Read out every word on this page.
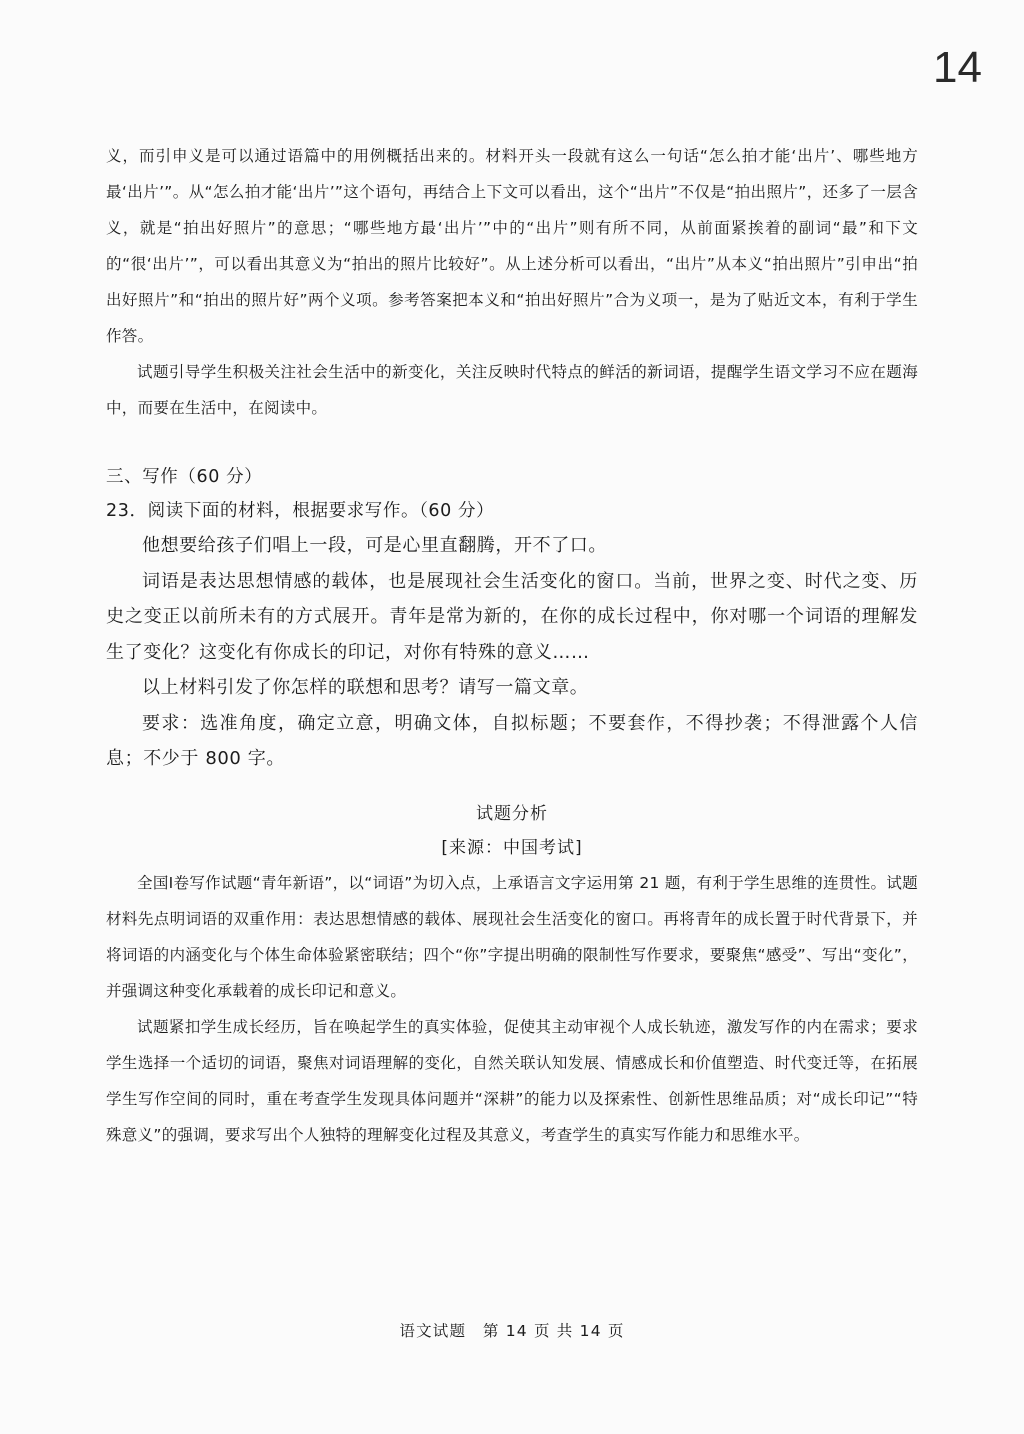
14

义，而引申义是可以通过语篇中的用例概括出来的。材料开头一段就有这么一句话“怎么拍才能‘出片’、哪些地方最‘出片’”。从“怎么拍才能‘出片’”这个语句，再结合上下文可以看出，这个“出片”不仅是“拍出照片”，还多了一层含义，就是“拍出好照片”的意思；“哪些地方最‘出片’”中的“出片”则有所不同，从前面紧挨着的副词“最”和下文的“很‘出片’”，可以看出其意义为“拍出的照片比较好”。从上述分析可以看出，“出片”从本义“拍出照片”引申出“拍出好照片”和“拍出的照片好”两个义项。参考答案把本义和“拍出好照片”合为义项一，是为了贴近文本，有利于学生作答。

试题引导学生积极关注社会生活中的新变化，关注反映时代特点的鲜活的新词语，提醒学生语文学习不应在题海中，而要在生活中，在阅读中。

三、写作（60 分）

23．阅读下面的材料，根据要求写作。（60 分）

他想要给孩子们唱上一段，可是心里直翻腾，开不了口。

词语是表达思想情感的载体，也是展现社会生活变化的窗口。当前，世界之变、时代之变、历史之变正以前所未有的方式展开。青年是常为新的，在你的成长过程中，你对哪一个词语的理解发生了变化？这变化有你成长的印记，对你有特殊的意义……

以上材料引发了你怎样的联想和思考？请写一篇文章。

要求：选准角度，确定立意，明确文体，自拟标题；不要套作，不得抄袭；不得泄露个人信息；不少于 800 字。

试题分析

[来源：中国考试]

全国Ⅰ卷写作试题“青年新语”，以“词语”为切入点，上承语言文字运用第 21 题，有利于学生思维的连贯性。试题材料先点明词语的双重作用：表达思想情感的载体、展现社会生活变化的窗口。再将青年的成长置于时代背景下，并将词语的内涵变化与个体生命体验紧密联结；四个“你”字提出明确的限制性写作要求，要聚焦“感受”、写出“变化”，并强调这种变化承载着的成长印记和意义。

试题紧扣学生成长经历，旨在唤起学生的真实体验，促使其主动审视个人成长轨迹，激发写作的内在需求；要求学生选择一个适切的词语，聚焦对词语理解的变化，自然关联认知发展、情感成长和价值塑造、时代变迁等，在拓展学生写作空间的同时，重在考查学生发现具体问题并“深耕”的能力以及探索性、创新性思维品质；对“成长印记”“特殊意义”的强调，要求写出个人独特的理解变化过程及其意义，考查学生的真实写作能力和思维水平。

语文试题　第 14 页 共 14 页
